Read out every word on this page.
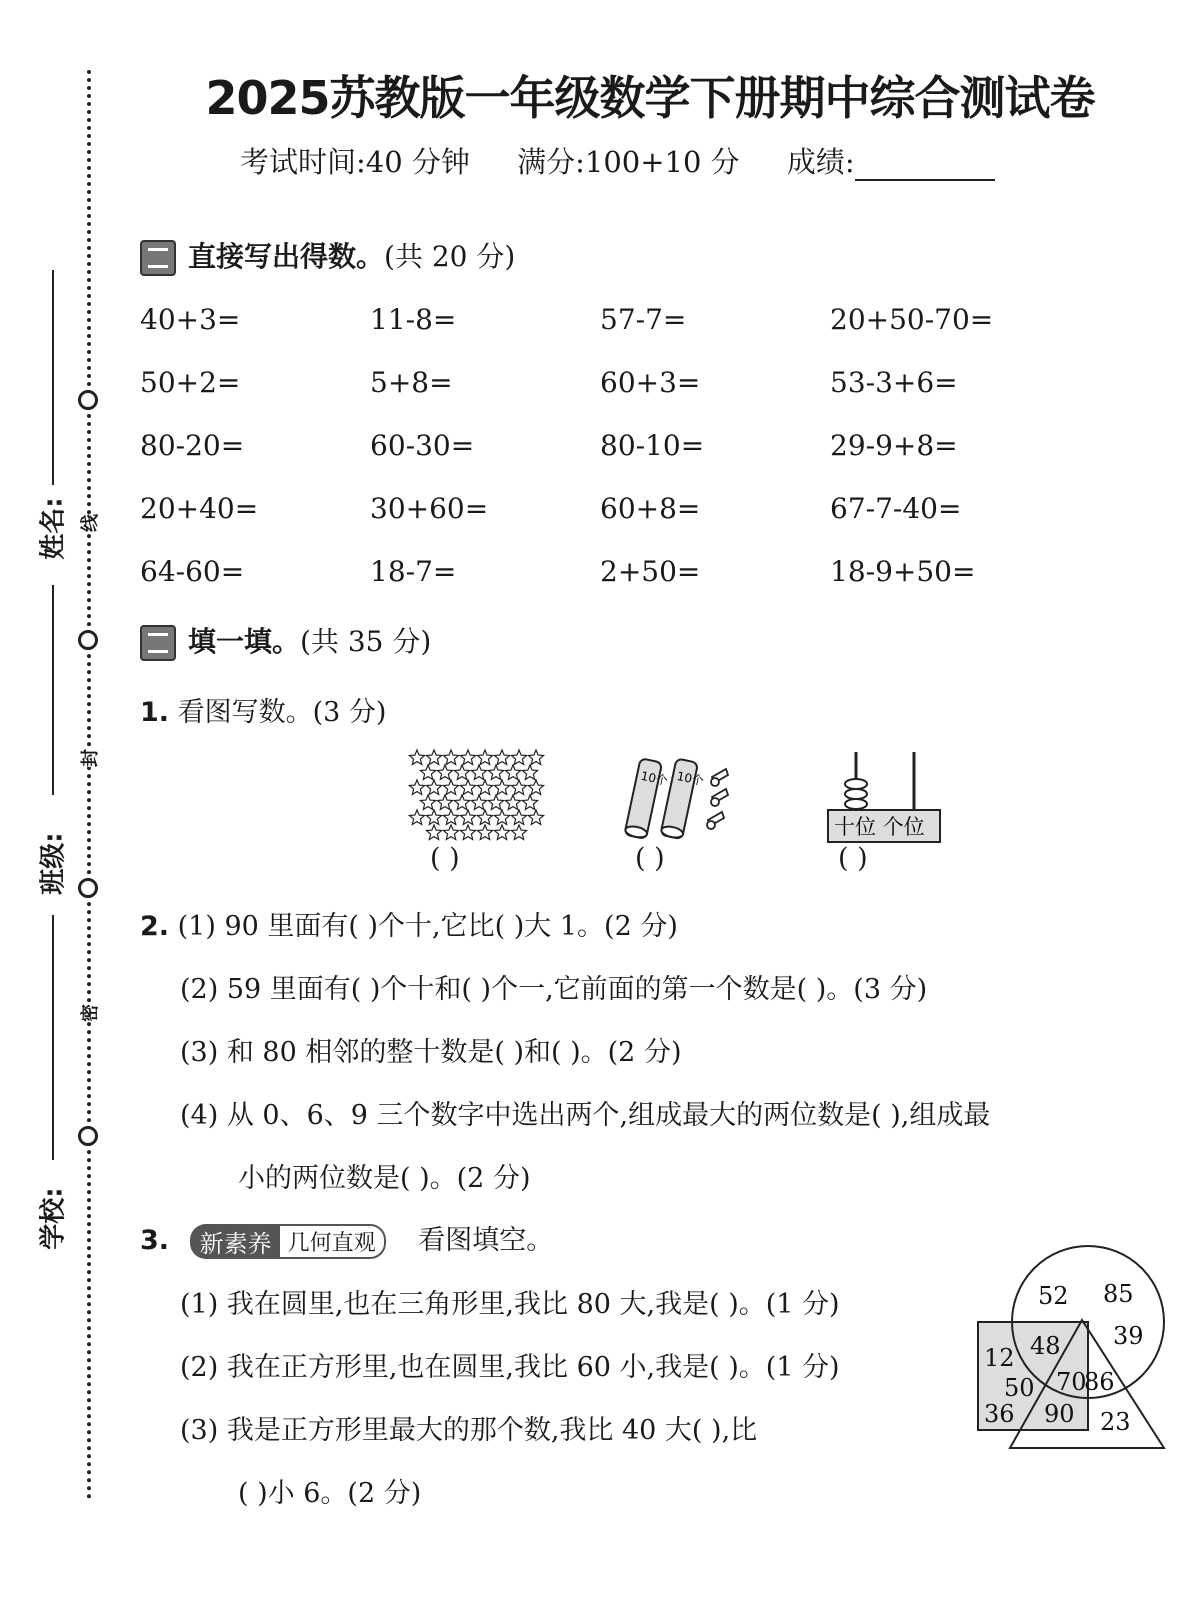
线
封
密
姓名:
班级:
学校:
2025苏教版一年级数学下册期中综合测试卷
考试时间:40 分钟 满分:100+10 分 成绩:
直接写出得数。(共 20 分)
40+3=	11-8=	57-7=	20+50-70=
50+2=	5+8=	60+3=	53-3+6=
80-20=	60-30=	80-10=	29-9+8=
20+40=	30+60=	60+8=	67-7-40=
64-60=	18-7=	2+50=	18-9+50=
填一填。(共 35 分)
1. 看图写数。(3 分)
( )
10个 10个
( )
十位 个位
( )
2. (1) 90 里面有( )个十,它比( )大 1。(2 分)
(2) 59 里面有( )个十和( )个一,它前面的第一个数是( )。(3 分)
(3) 和 80 相邻的整十数是( )和( )。(2 分)
(4) 从 0、6、9 三个数字中选出两个,组成最大的两位数是( ),组成最
小的两位数是( )。(2 分)
3. 新素养 几何直观 看图填空。
(1) 我在圆里,也在三角形里,我比 80 大,我是( )。(1 分)
(2) 我在正方形里,也在圆里,我比 60 小,我是( )。(1 分)
(3) 我是正方形里最大的那个数,我比 40 大( ),比
( )小 6。(2 分)
52 85
39
48
12
70
86
50
36 90 23
